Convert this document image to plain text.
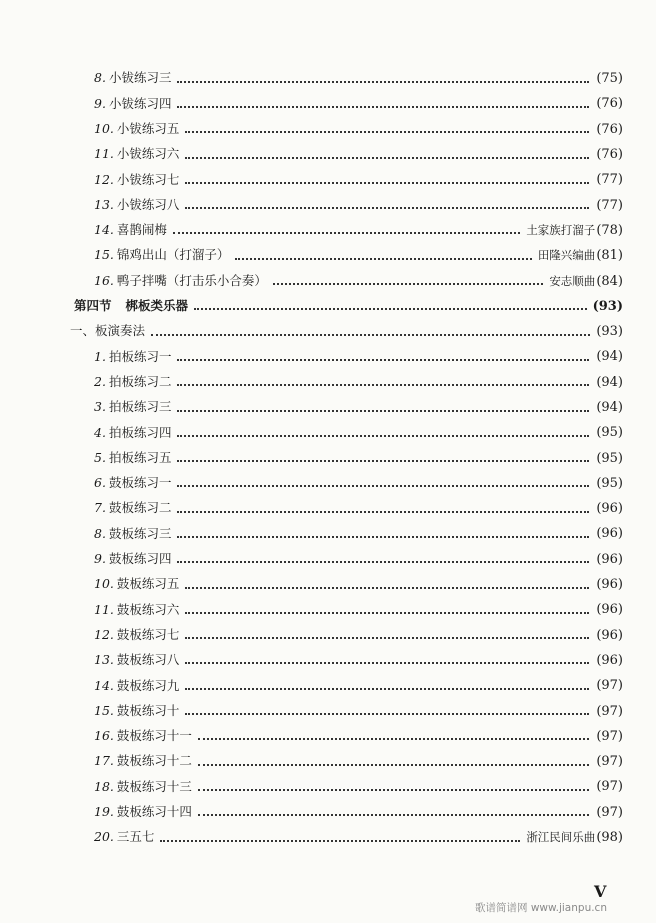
8. 小钹练习三	(75)
9. 小钹练习四	(76)
10. 小钹练习五	(76)
11. 小钹练习六	(76)
12. 小钹练习七	(77)
13. 小钹练习八	(77)
14. 喜鹊闹梅	土家族打溜子 (78)
15. 锦鸡出山（打溜子）	田隆兴编曲 (81)
16. 鸭子拌嘴（打击乐小合奏）	安志顺曲 (84)
第四节 梆板类乐器	(93)
一、板演奏法	(93)
1. 拍板练习一	(94)
2. 拍板练习二	(94)
3. 拍板练习三	(94)
4. 拍板练习四	(95)
5. 拍板练习五	(95)
6. 鼓板练习一	(95)
7. 鼓板练习二	(96)
8. 鼓板练习三	(96)
9. 鼓板练习四	(96)
10. 鼓板练习五	(96)
11. 鼓板练习六	(96)
12. 鼓板练习七	(96)
13. 鼓板练习八	(96)
14. 鼓板练习九	(97)
15. 鼓板练习十	(97)
16. 鼓板练习十一	(97)
17. 鼓板练习十二	(97)
18. 鼓板练习十三	(97)
19. 鼓板练习十四	(97)
20. 三五七	浙江民间乐曲 (98)
V
歌谱简谱网 www.jianpu.cn
